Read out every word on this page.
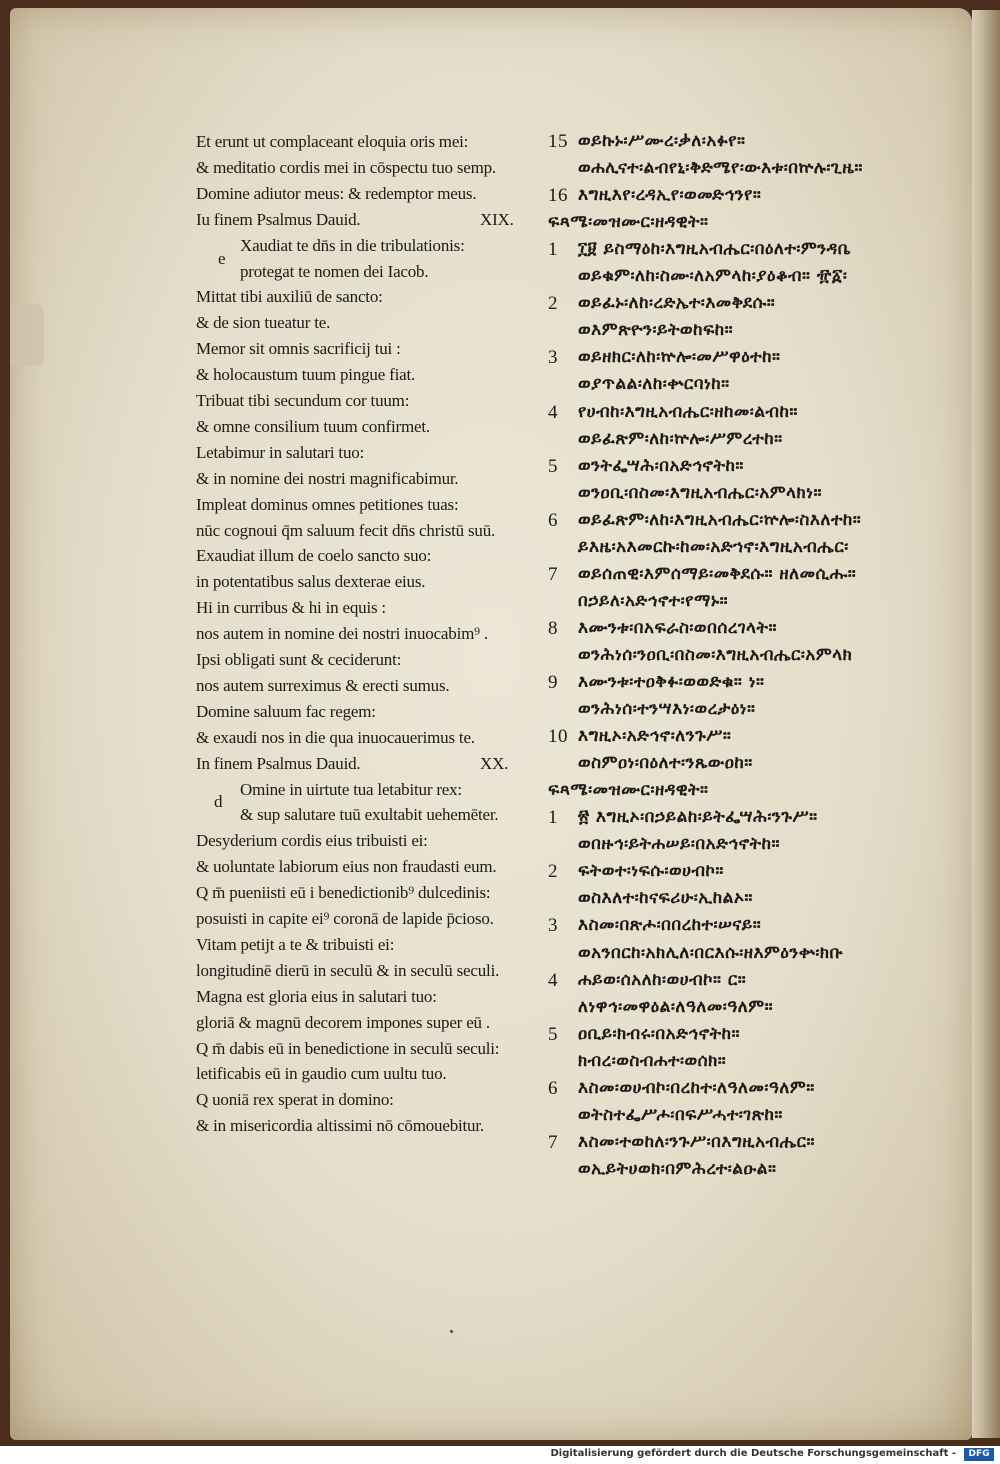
Et erunt ut complaceant eloquia oris mei:
& meditatio cordis mei in cōspectu tuo semp.
Domine adiutor meus: & redemptor meus.
Iu finem Psalmus Dauid.
Xaudiat te dn̄s in die tribulationis:
protegat te nomen dei Iacob.
Mittat tibi auxiliū de sancto:
& de sion tueatur te.
Memor sit omnis sacrificij tui :
& holocaustum tuum pingue fiat.
Tribuat tibi secundum cor tuum:
& omne consilium tuum confirmet.
Letabimur in salutari tuo:
& in nomine dei nostri magnificabimur.
Impleat dominus omnes petitiones tuas:
nūc cognoui q̄m saluum fecit dn̄s christū suū.
Exaudiat illum de coelo sancto suo:
in potentatibus salus dexterae eius.
Hi in curribus & hi in equis :
nos autem in nomine dei nostri inuocabim⁹ .
Ipsi obligati sunt & ceciderunt:
nos autem surreximus & erecti sumus.
Domine saluum fac regem:
& exaudi nos in die qua inuocauerimus te.
In finem Psalmus Dauid.
Omine in uirtute tua letabitur rex:
& sup salutare tuū exultabit uehemēter.
Desyderium cordis eius tribuisti ei:
& uoluntate labiorum eius non fraudasti eum.
Q m̄ pueniisti eū i benedictionib⁹ dulcedinis:
posuisti in capite ei⁹ coronā de lapide p̄cioso.
Vitam petijt a te & tribuisti ei:
longitudinē dierū in seculū & in seculū seculi.
Magna est gloria eius in salutari tuo:
gloriā & magnū decorem impones super eū .
Q m̄ dabis eū in benedictione in seculū seculi:
letificabis eū in gaudio cum uultu tuo.
Q uoniā rex sperat in domino:
& in misericordia altissimi nō cōmouebitur.
XIX.
XX.
e
d
15 ወይኩኑ፡ሥሙረ፡ቃለ፡አፉየ።
ወሐሊናተ፡ልብየኒ፡ቅድሜየ፡ውእቱ፡በኵሉ፡ጊዜ።
16 እግዚእየ፡ረዳኢየ፡ወመድኅንየ።
ፍጻሜ፡መዝሙር፡ዘዳዊት።
1	፲፱ ይስማዕከ፡እግዚአብሔር፡በዕለተ፡ምንዳቤ
ወይቁም፡ለከ፡ስሙ፡ለአምላከ፡ያዕቆብ። ፹፩፡
2	ወይፈኑ፡ለከ፡ረድኤተ፡እመቅደሱ።
ወእምጽዮን፡ይትወከፍከ።
3	ወይዘክር፡ለከ፡ኵሎ፡መሥዋዕተከ።
ወያጥልል፡ለከ፡ቍርባነከ።
4	የሀብከ፡እግዚአብሔር፡ዘከመ፡ልብከ።
ወይፈጽም፡ለከ፡ኵሎ፡ሥምረተከ።
5	ወንትፌሣሕ፡በአድኅኖትከ።
ወንዐቢ፡በስመ፡እግዚአብሔር፡አምላክነ።
6	ወይፈጽም፡ለከ፡እግዚአብሔር፡ኵሎ፡ስእለተከ።
ይእዜ፡አእመርኩ፡ከመ፡አድኀኖ፡እግዚአብሔር፡
7	ወይሰጠዊ፡እምሰማይ፡መቅደሱ። ዘለመሲሑ።
በኃይለ፡አድኅኖተ፡የማኑ።
8	እሙንቱ፡በአፍራስ፡ወበሰረገላት።
ወንሕነሰ፡ንዐቢ፡በስመ፡እግዚአብሔር፡አምላክ
9	እሙንቱ፡ተዐቅፉ፡ወወድቁ። ነ።
ወንሕነሰ፡ተንሣእነ፡ወረታዕነ።
10 እግዚኦ፡አድኅኖ፡ለንጉሥ።
ወስምዐነ፡በዕለተ፡ንጼውዐከ።
ፍጻሜ፡መዝሙር፡ዘዳዊት።
1	፳ እግዚኦ፡በኃይልከ፡ይትፌሣሕ፡ንጉሥ።
ወበዙኅ፡ይትሐሠይ፡በአድኅኖትከ።
2	ፍትወተ፡ነፍሱ፡ወሀብኮ።
ወስእለተ፡ከናፍሪሁ፡ኢከልኦ።
3	እስመ፡በጽሖ፡በበረከተ፡ሠናይ።
ወአንበርከ፡አክሊለ፡በርእሱ፡ዘእምዕንቍ፡ክቡ
4	ሐይወ፡ሰአለከ፡ወሀብኮ። ር።
ለነዋኅ፡መዋዕል፡ለዓለመ፡ዓለም።
5	ዐቢይ፡ክብሩ፡በአድኅኖትከ።
ክብረ፡ወስብሐተ፡ወሰክ።
6	እስመ፡ወሀብኮ፡በረከተ፡ለዓለመ፡ዓለም።
ወትስተፌሥሖ፡በፍሥሓተ፡ገጽከ።
7	እስመ፡ተወከለ፡ንጉሥ፡በእግዚአብሔር።
ወኢይትሀወክ፡በምሕረተ፡ልዑል።
Digitalisierung gefördert durch die Deutsche Forschungsgemeinschaft -	DFG
